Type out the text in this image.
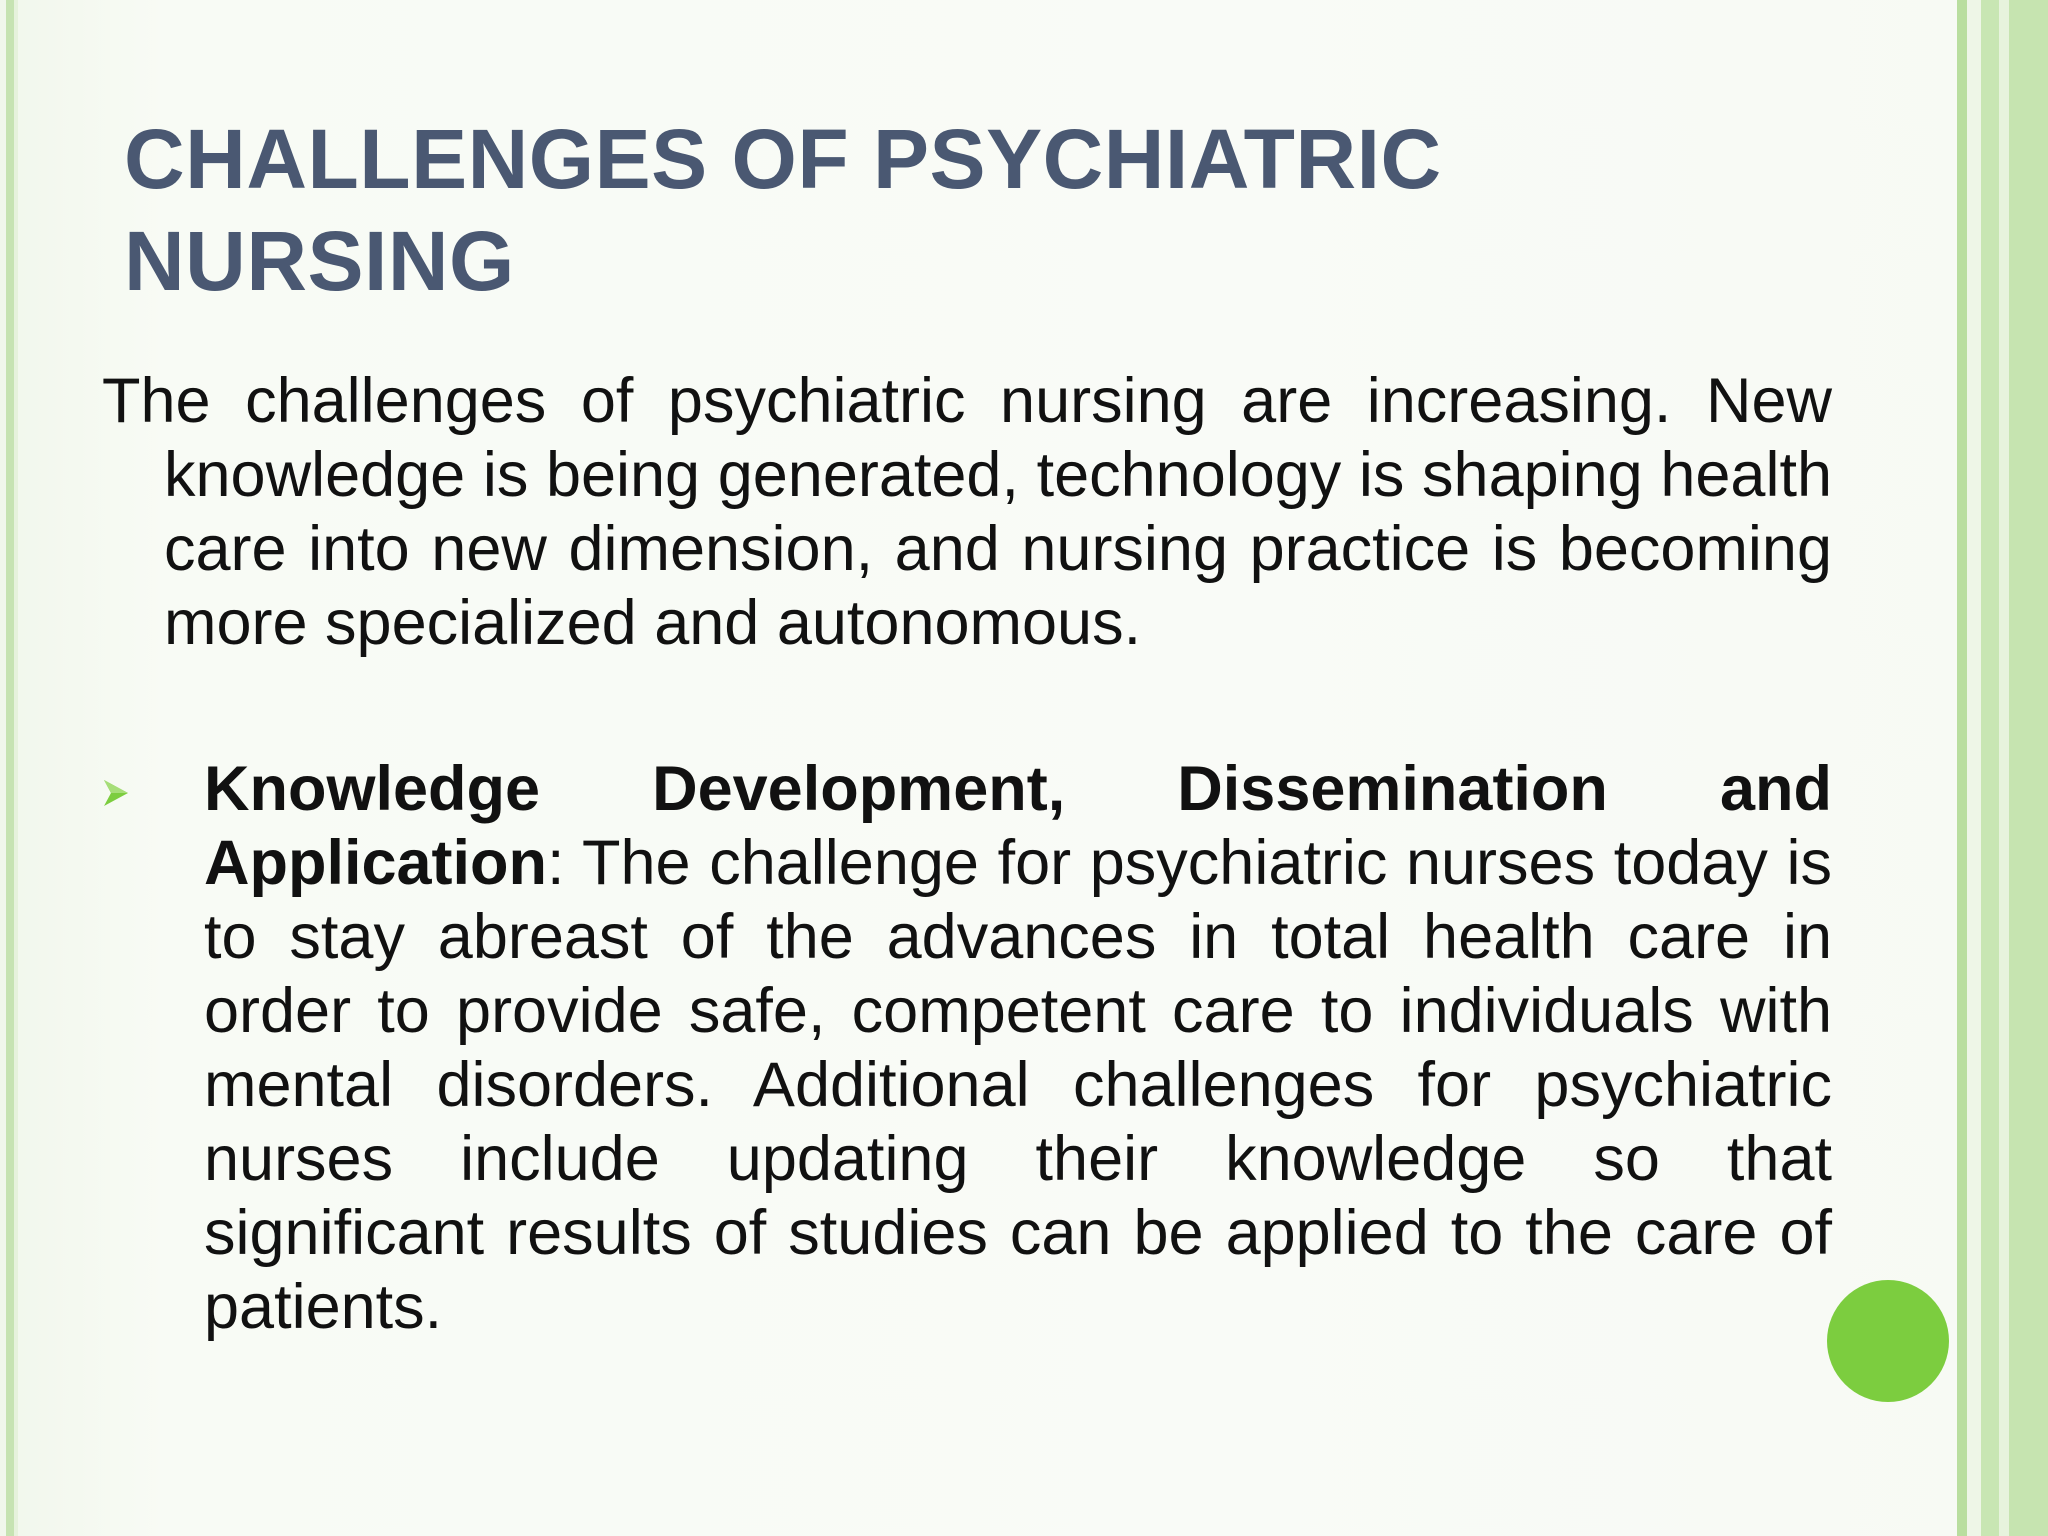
CHALLENGES OF PSYCHIATRIC NURSING

The challenges of psychiatric nursing are increasing. New knowledge is being generated, technology is shaping health care into new dimension, and nursing practice is becoming more specialized and autonomous.

Knowledge Development, Dissemination and Application: The challenge for psychiatric nurses today is to stay abreast of the advances in total health care in order to provide safe, competent care to individuals with mental disorders. Additional challenges for psychiatric nurses include updating their knowledge so that significant results of studies can be applied to the care of patients.
